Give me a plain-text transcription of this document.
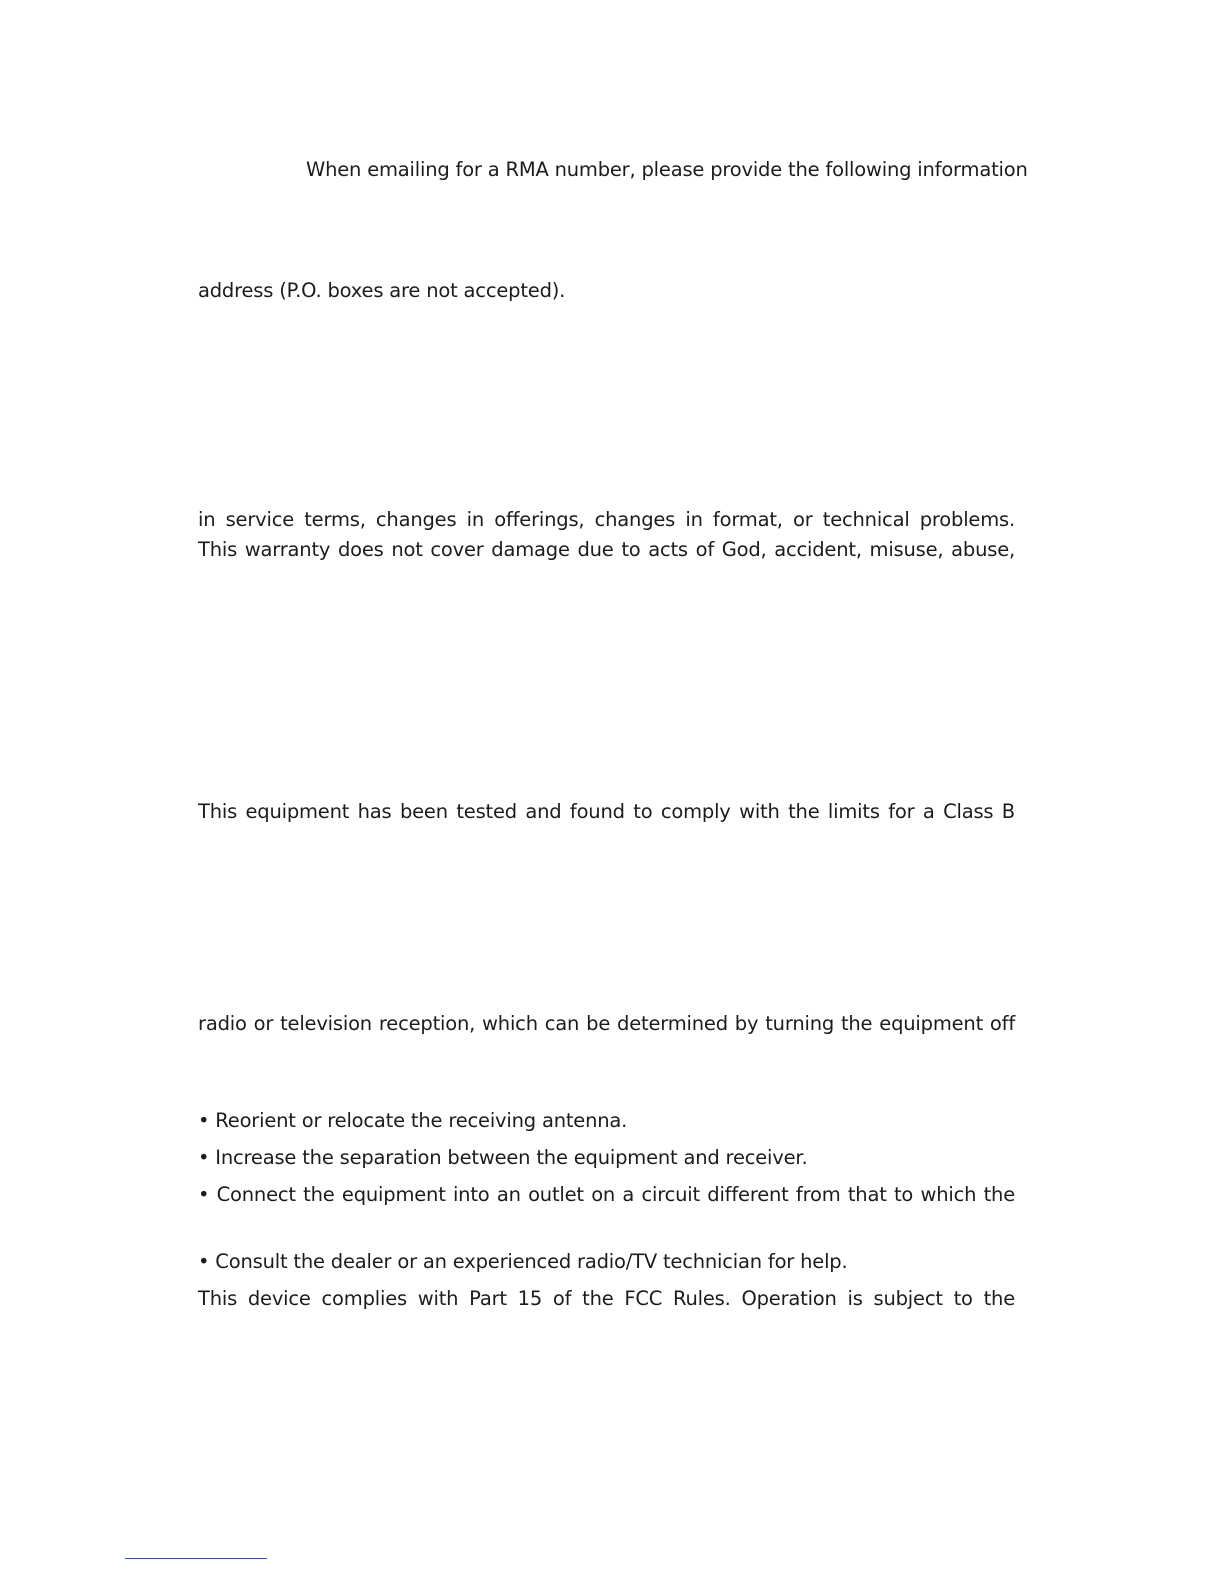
When emailing for a RMA number, please provide the following information
address (P.O. boxes are not accepted).
in service terms, changes in offerings, changes in format, or technical problems.
This warranty does not cover damage due to acts of God, accident, misuse, abuse,
This equipment has been tested and found to comply with the limits for a Class B
radio or television reception, which can be determined by turning the equipment off
• Reorient or relocate the receiving antenna.
• Increase the separation between the equipment and receiver.
• Connect the equipment into an outlet on a circuit different from that to which the
• Consult the dealer or an experienced radio/TV technician for help.
This device complies with Part 15 of the FCC Rules. Operation is subject to the
